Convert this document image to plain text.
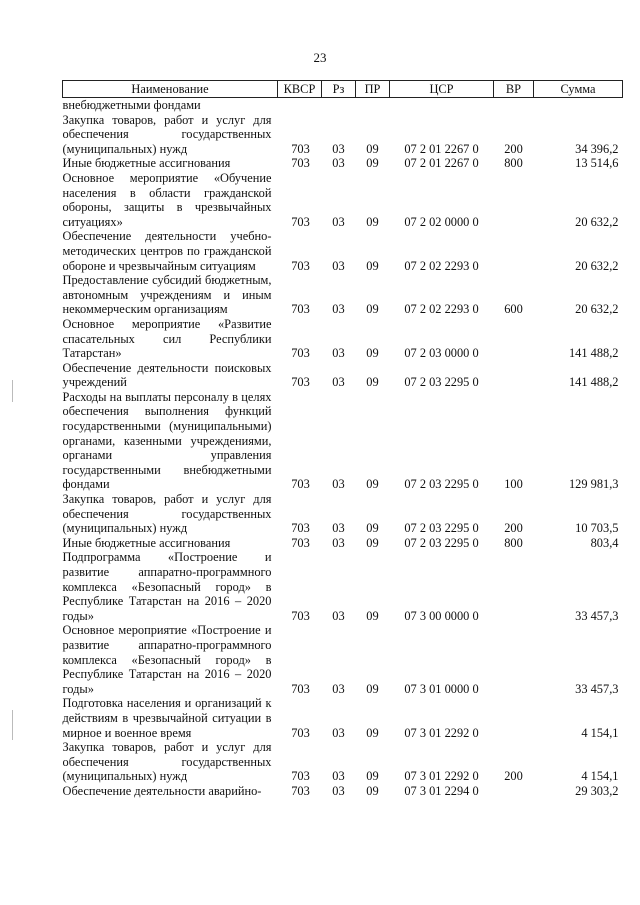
23
Наименование	КВСР	Рз	ПР	ЦСР	ВР	Сумма
внебюджетными фондами						
Закупка товаров, работ и услуг для обеспечения государственных (муниципальных) нужд	703	03	09	07 2 01 2267 0	200	34 396,2
Иные бюджетные ассигнования	703	03	09	07 2 01 2267 0	800	13 514,6
Основное мероприятие «Обучение населения в области гражданской обороны, защиты в чрезвычайных ситуациях»	703	03	09	07 2 02 0000 0		20 632,2
Обеспечение деятельности учебно-методических центров по гражданской обороне и чрезвычайным ситуациям	703	03	09	07 2 02 2293 0		20 632,2
Предоставление субсидий бюджетным, автономным учреждениям и иным некоммерческим организациям	703	03	09	07 2 02 2293 0	600	20 632,2
Основное мероприятие «Развитие спасательных сил Республики Татарстан»	703	03	09	07 2 03 0000 0		141 488,2
Обеспечение деятельности поисковых учреждений	703	03	09	07 2 03 2295 0		141 488,2
Расходы на выплаты персоналу в целях обеспечения выполнения функций государственными (муниципальными) органами, казенными учреждениями, органами управления государственными внебюджетными фондами	703	03	09	07 2 03 2295 0	100	129 981,3
Закупка товаров, работ и услуг для обеспечения государственных (муниципальных) нужд	703	03	09	07 2 03 2295 0	200	10 703,5
Иные бюджетные ассигнования	703	03	09	07 2 03 2295 0	800	803,4
Подпрограмма «Построение и развитие аппаратно-программного комплекса «Безопасный город» в Республике Татарстан на 2016 – 2020 годы»	703	03	09	07 3 00 0000 0		33 457,3
Основное мероприятие «Построение и развитие аппаратно-программного комплекса «Безопасный город» в Республике Татарстан на 2016 – 2020 годы»	703	03	09	07 3 01 0000 0		33 457,3
Подготовка населения и организаций к действиям в чрезвычайной ситуации в мирное и военное время	703	03	09	07 3 01 2292 0		4 154,1
Закупка товаров, работ и услуг для обеспечения государственных (муниципальных) нужд	703	03	09	07 3 01 2292 0	200	4 154,1
Обеспечение деятельности аварийно-	703	03	09	07 3 01 2294 0		29 303,2
